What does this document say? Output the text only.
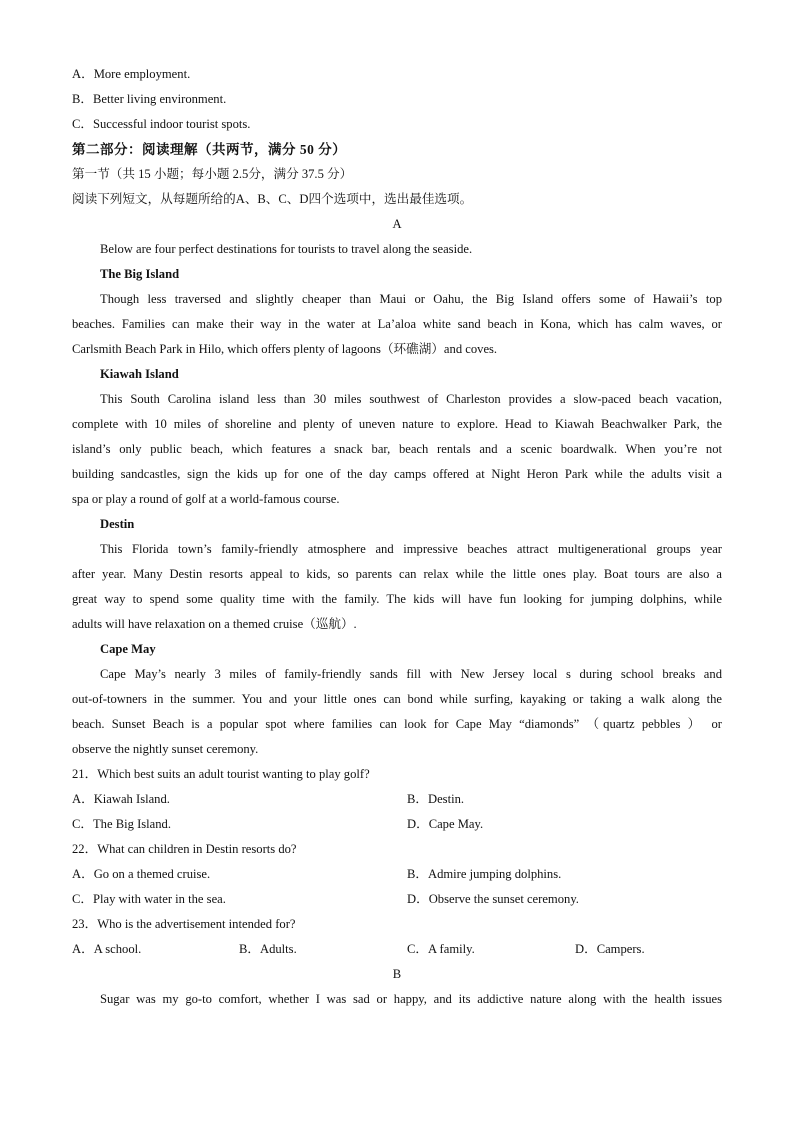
A．More employment.
B．Better living environment.
C．Successful indoor tourist spots.
第二部分：阅读理解（共两节，满分 50 分）
第一节（共 15 小题；每小题 2.5分，满分 37.5 分）
阅读下列短文，从每题所给的A、B、C、D四个选项中，选出最佳选项。
A
Below are four perfect destinations for tourists to travel along the seaside.
The Big Island
Though less traversed and slightly cheaper than Maui or Oahu, the Big Island offers some of Hawaii’s top
beaches. Families can make their way in the water at La’aloa white sand beach in Kona, which has calm waves, or
Carlsmith Beach Park in Hilo, which offers plenty of lagoons（环礁湖）and coves.
Kiawah Island
This South Carolina island less than 30 miles southwest of Charleston provides a slow-paced beach vacation,
complete with 10 miles of shoreline and plenty of uneven nature to explore. Head to Kiawah Beachwalker Park, the
island’s only public beach, which features a snack bar, beach rentals and a scenic boardwalk. When you’re not
building sandcastles, sign the kids up for one of the day camps offered at Night Heron Park while the adults visit a
spa or play a round of golf at a world-famous course.
Destin
This Florida town’s family-friendly atmosphere and impressive beaches attract multigenerational groups year
after year. Many Destin resorts appeal to kids, so parents can relax while the little ones play. Boat tours are also a
great way to spend some quality time with the family. The kids will have fun looking for jumping dolphins, while
adults will have relaxation on a themed cruise（巡航）.
Cape May
Cape May’s nearly 3 miles of family-friendly sands fill with New Jersey local s during school breaks and
out-of-towners in the summer. You and your little ones can bond while surfing, kayaking or taking a walk along the
beach. Sunset Beach is a popular spot where families can look for Cape May “diamonds” （quartz pebbles ） or
observe the nightly sunset ceremony.
21．Which best suits an adult tourist wanting to play golf?
A．Kiawah Island.	B．Destin.
C．The Big Island.	D．Cape May.
22．What can children in Destin resorts do?
A．Go on a themed cruise.	B．Admire jumping dolphins.
C．Play with water in the sea.	D．Observe the sunset ceremony.
23．Who is the advertisement intended for?
A．A school.	B．Adults.	C．A family.	D．Campers.
B
Sugar was my go-to comfort, whether I was sad or happy, and its addictive nature along with the health issues
